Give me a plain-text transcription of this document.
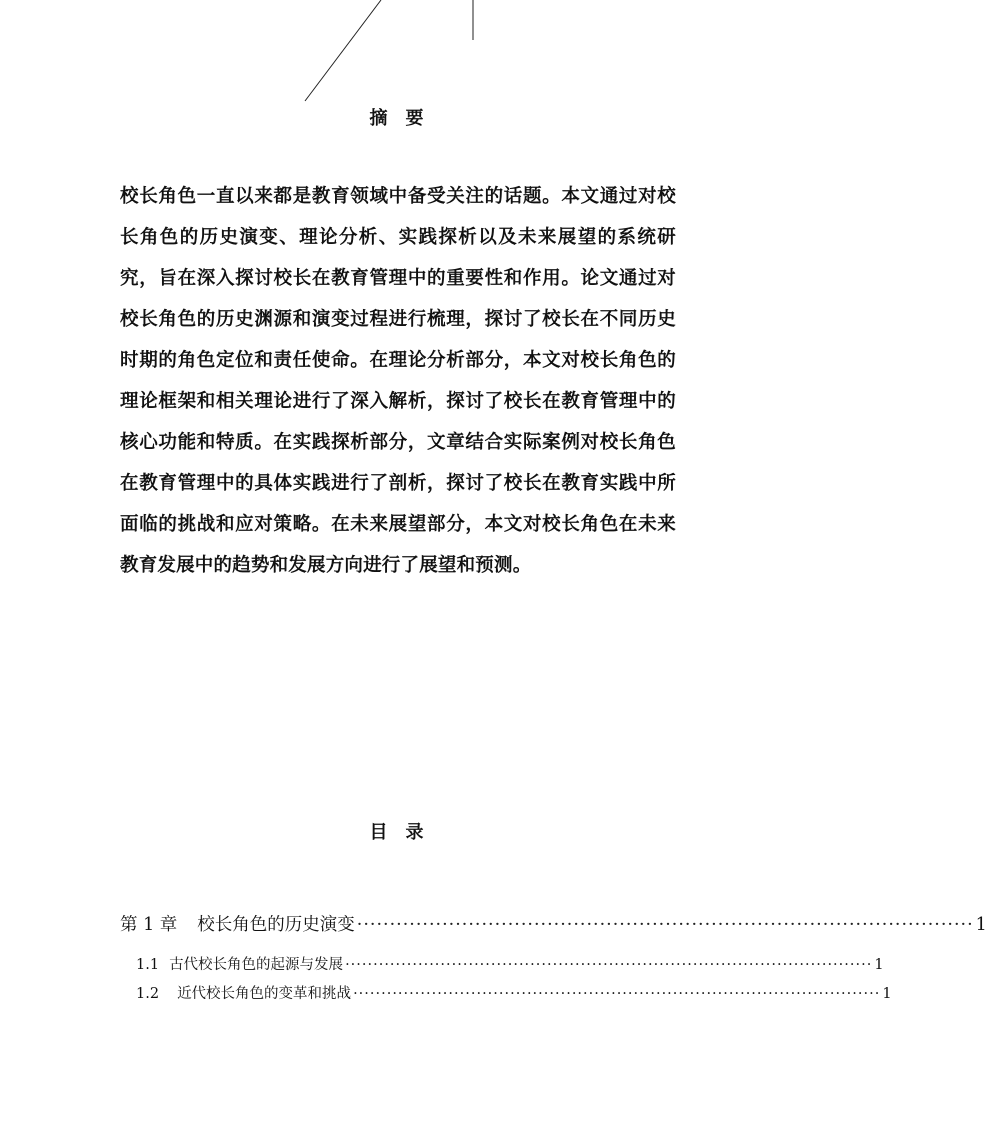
摘　要
校长角色一直以来都是教育领域中备受关注的话题。本文通过对校长角色的历史演变、理论分析、实践探析以及未来展望的系统研究，旨在深入探讨校长在教育管理中的重要性和作用。论文通过对校长角色的历史渊源和演变过程进行梳理，探讨了校长在不同历史时期的角色定位和责任使命。在理论分析部分，本文对校长角色的理论框架和相关理论进行了深入解析，探讨了校长在教育管理中的核心功能和特质。在实践探析部分，文章结合实际案例对校长角色在教育管理中的具体实践进行了剖析，探讨了校长在教育实践中所面临的挑战和应对策略。在未来展望部分，本文对校长角色在未来教育发展中的趋势和发展方向进行了展望和预测。
目　录
第 1 章 校长角色的历史演变 ······························································································ 1
1.1 古代校长角色的起源与发展 ······························································································ 1
1.2 近代校长角色的变革和挑战 ······························································································ 1
